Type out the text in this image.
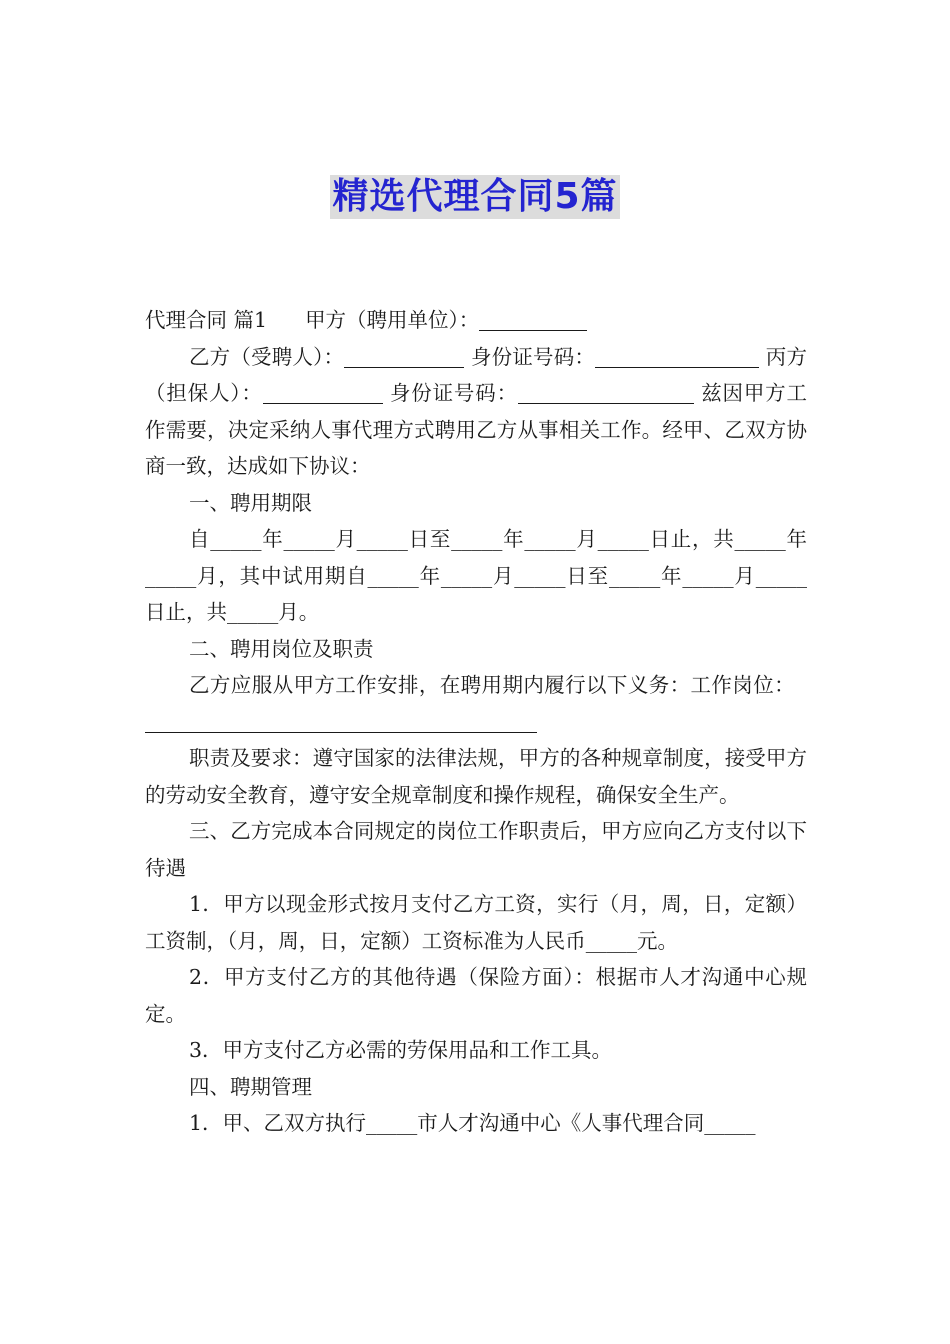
精选代理合同5篇

代理合同 篇1 甲方（聘用单位）：

乙方（受聘人）：	身份证号码：	丙方（担保人）：	身份证号码：	兹因甲方工作需要，决定采纳人事代理方式聘用乙方从事相关工作。经甲、乙双方协商一致，达成如下协议：

一、聘用期限

自_____年_____月_____日至_____年_____月_____日止，共_____年_____月，其中试用期自_____年_____月_____日至_____年_____月_____日止，共_____月。

二、聘用岗位及职责

乙方应服从甲方工作安排，在聘用期内履行以下义务：工作岗位：

职责及要求：遵守国家的法律法规，甲方的各种规章制度，接受甲方的劳动安全教育，遵守安全规章制度和操作规程，确保安全生产。

三、乙方完成本合同规定的岗位工作职责后，甲方应向乙方支付以下待遇

1．甲方以现金形式按月支付乙方工资，实行（月，周，日，定额）工资制，（月，周，日，定额）工资标准为人民币_____元。

2．甲方支付乙方的其他待遇（保险方面）：根据市人才沟通中心规定。

3．甲方支付乙方必需的劳保用品和工作工具。

四、聘期管理

1．甲、乙双方执行_____市人才沟通中心《人事代理合同_____
